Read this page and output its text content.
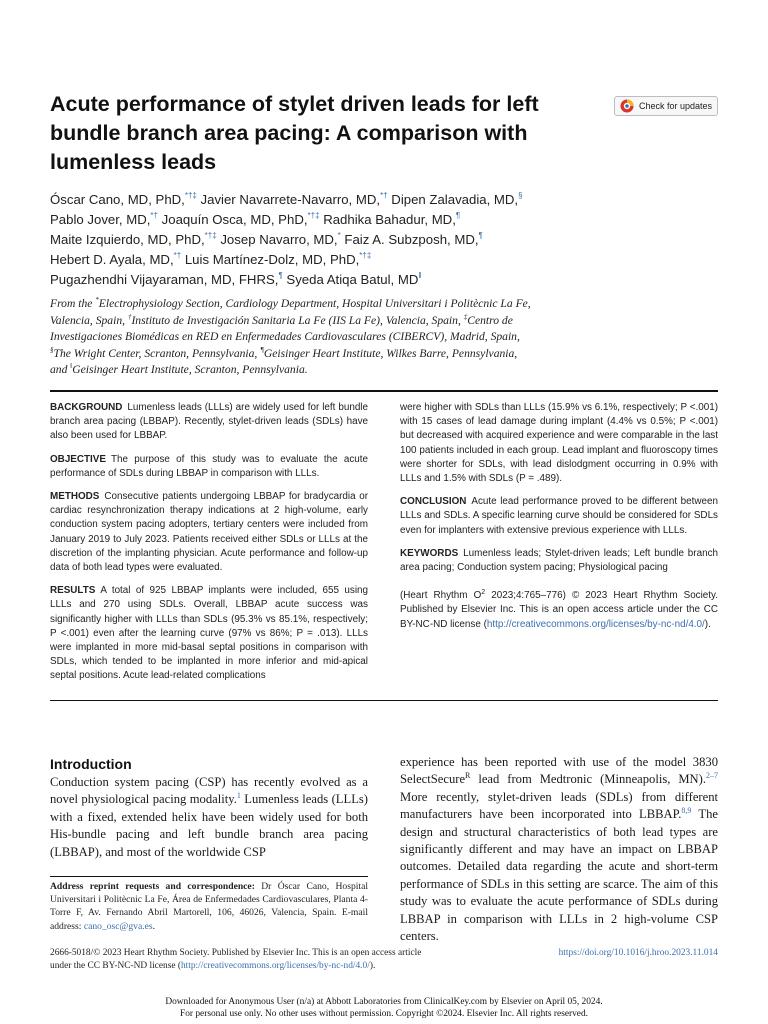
Acute performance of stylet driven leads for left bundle branch area pacing: A comparison with lumenless leads
Check for updates
Óscar Cano, MD, PhD,*†‡ Javier Navarrete-Navarro, MD,*† Dipen Zalavadia, MD,§
Pablo Jover, MD,*† Joaquín Osca, MD, PhD,*†‡ Radhika Bahadur, MD,¶
Maite Izquierdo, MD, PhD,*†‡ Josep Navarro, MD,* Faiz A. Subzposh, MD,¶
Hebert D. Ayala, MD,*† Luis Martínez-Dolz, MD, PhD,*†‡
Pugazhendhi Vijayaraman, MD, FHRS,¶ Syeda Atiqa Batul, MD‖
From the *Electrophysiology Section, Cardiology Department, Hospital Universitari i Politècnic La Fe,
Valencia, Spain, †Instituto de Investigación Sanitaria La Fe (IIS La Fe), Valencia, Spain, ‡Centro de
Investigaciones Biomédicas en RED en Enfermedades Cardiovasculares (CIBERCV), Madrid, Spain,
§The Wright Center, Scranton, Pennsylvania, ¶Geisinger Heart Institute, Wilkes Barre, Pennsylvania,
and ‖Geisinger Heart Institute, Scranton, Pennsylvania.

BACKGROUND Lumenless leads (LLLs) are widely used for left bundle branch area pacing (LBBAP). Recently, stylet-driven leads (SDLs) have also been used for LBBAP.

OBJECTIVE The purpose of this study was to evaluate the acute performance of SDLs during LBBAP in comparison with LLLs.

METHODS Consecutive patients undergoing LBBAP for bradycardia or cardiac resynchronization therapy indications at 2 high-volume, early conduction system pacing adopters, tertiary centers were included from January 2019 to July 2023. Patients received either SDLs or LLLs at the discretion of the implanting physician. Acute performance and follow-up data of both lead types were evaluated.

RESULTS A total of 925 LBBAP implants were included, 655 using LLLs and 270 using SDLs. Overall, LBBAP acute success was significantly higher with LLLs than SDLs (95.3% vs 85.1%, respectively; P <.001) even after the learning curve (97% vs 86%; P = .013). LLLs were implanted in more mid-basal septal positions in comparison with SDLs, which tended to be implanted in more inferior and mid-apical septal positions. Acute lead-related complications

were higher with SDLs than LLLs (15.9% vs 6.1%, respectively; P <.001) with 15 cases of lead damage during implant (4.4% vs 0.5%; P <.001) but decreased with acquired experience and were comparable in the last 100 patients included in each group. Lead implant and fluoroscopy times were shorter for SDLs, with lead dislodgment occurring in 0.9% with LLLs and 1.5% with SDLs (P = .489).

CONCLUSION Acute lead performance proved to be different between LLLs and SDLs. A specific learning curve should be considered for SDLs even for implanters with extensive previous experience with LLLs.

KEYWORDS Lumenless leads; Stylet-driven leads; Left bundle branch area pacing; Conduction system pacing; Physiological pacing

(Heart Rhythm $O^2$ 2023;4:765–776) © 2023 Heart Rhythm Society. Published by Elsevier Inc. This is an open access article under the CC BY-NC-ND license (http://creativecommons.org/licenses/by-nc-nd/4.0/).

Introduction

Conduction system pacing (CSP) has recently evolved as a novel physiological pacing modality.$^1$ Lumenless leads (LLLs) with a fixed, extended helix have been widely used for both His-bundle pacing and left bundle branch area pacing (LBBAP), and most of the worldwide CSP

experience has been reported with use of the model 3830 SelectSecure$^R$ lead from Medtronic (Minneapolis, MN).$^{2-7}$ More recently, stylet-driven leads (SDLs) from different manufacturers have been incorporated into LBBAP.$^{8,9}$ The design and structural characteristics of both lead types are significantly different and may have an impact on LBBAP outcomes. Detailed data regarding the acute and short-term performance of SDLs in this setting are scarce. The aim of this study was to evaluate the acute performance of SDLs during LBBAP in comparison with LLLs in 2 high-volume CSP centers.

Address reprint requests and correspondence: Dr Óscar Cano, Hospital Universitari i Politècnic La Fe, Área de Enfermedades Cardiovasculares, Planta 4-Torre F, Av. Fernando Abril Martorell, 106, 46026, Valencia, Spain. E-mail address: cano_osc@gva.es.

2666-5018/© 2023 Heart Rhythm Society. Published by Elsevier Inc. This is an open access article
under the CC BY-NC-ND license (http://creativecommons.org/licenses/by-nc-nd/4.0/).
https://doi.org/10.1016/j.hroo.2023.11.014
Downloaded for Anonymous User (n/a) at Abbott Laboratories from ClinicalKey.com by Elsevier on April 05, 2024.
For personal use only. No other uses without permission. Copyright ©2024. Elsevier Inc. All rights reserved.
